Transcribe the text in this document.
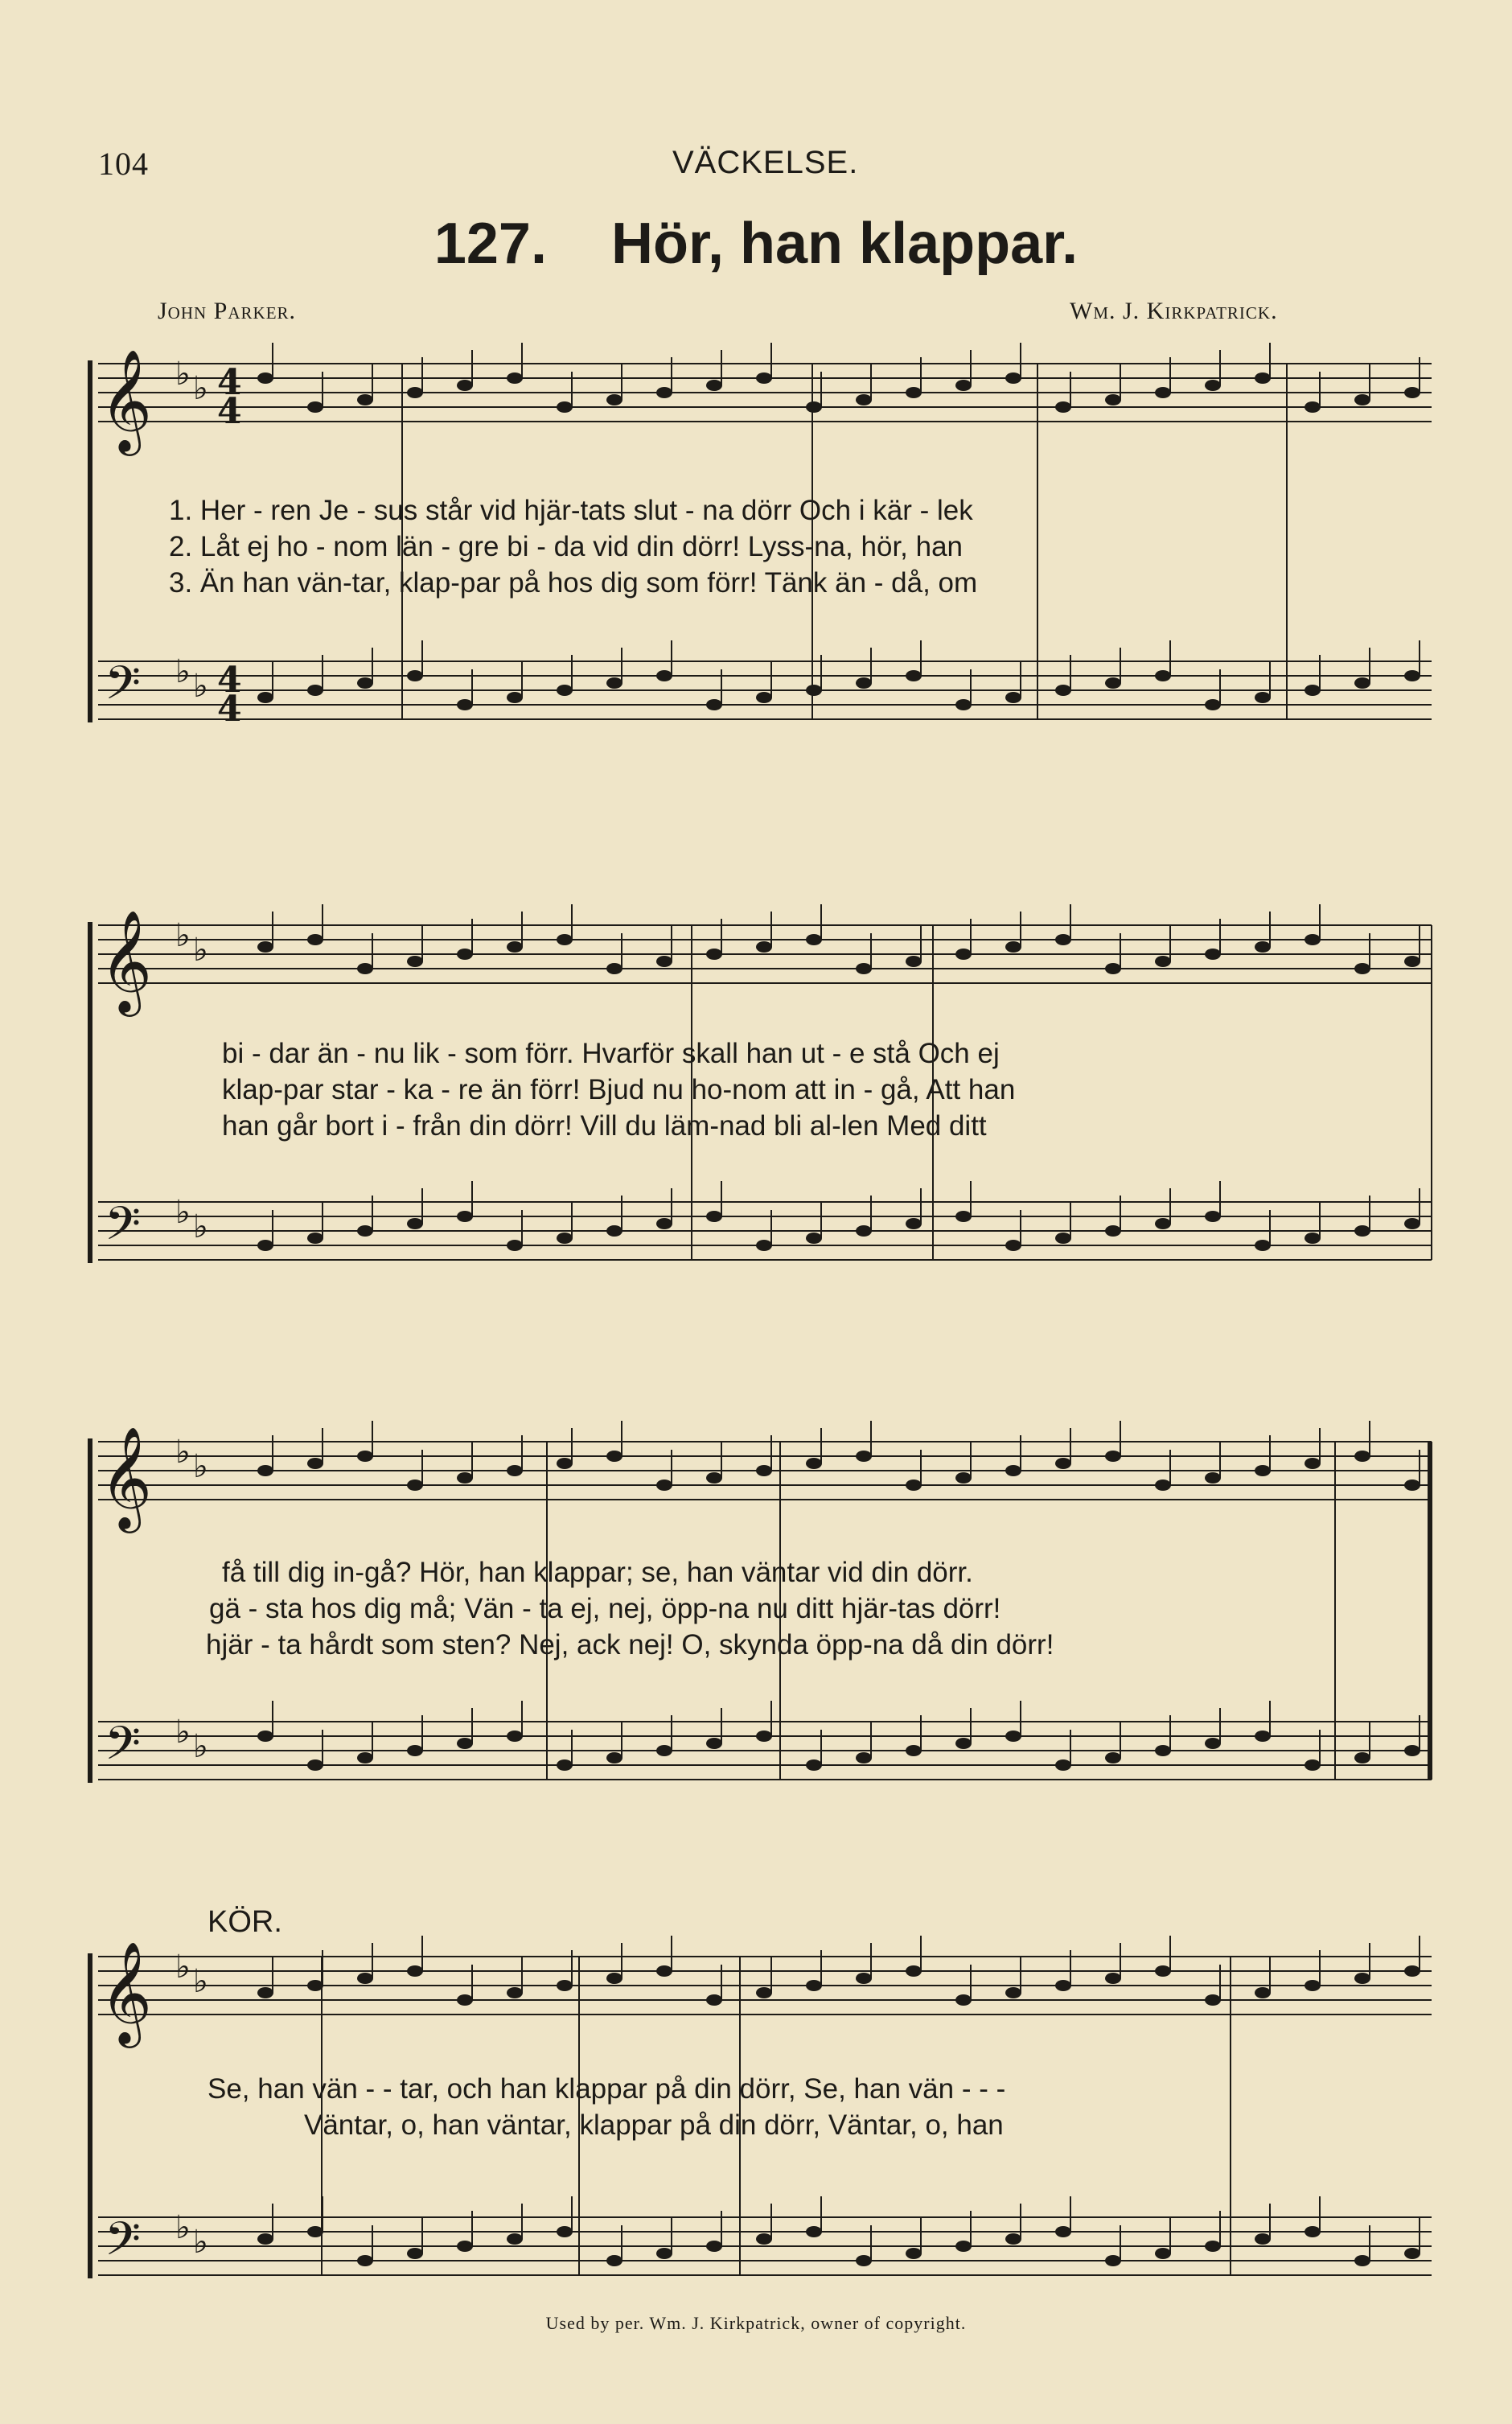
104	VÄCKELSE.
127. Hör, han klappar.
John Parker.	Wm. J. Kirkpatrick.
𝄞
𝄢
𝄞
𝄢
𝄞
𝄢
𝄞
𝄢
♭ ♭
♭ ♭
♭ ♭
♭ ♭
♭ ♭
♭ ♭
♭ ♭
♭ ♭
4
4
4
4
1. Her - ren Je - sus står vid hjär-tats slut - na dörr Och i kär - lek
2. Låt ej ho - nom län - gre bi - da vid din dörr! Lyss-na, hör, han
3. Än han vän-tar, klap-par på hos dig som förr! Tänk än - då, om
bi - dar än - nu lik - som förr. Hvarför skall han ut - e stå Och ej
klap-par star - ka - re än förr! Bjud nu ho-nom att in - gå, Att han
han går bort i - från din dörr! Vill du läm-nad bli al-len Med ditt
få till dig in-gå? Hör, han klappar; se, han väntar vid din dörr.
gä - sta hos dig må; Vän - ta ej, nej, öpp-na nu ditt hjär-tas dörr!
hjär - ta hårdt som sten? Nej, ack nej! O, skynda öpp-na då din dörr!
KÖR.
Se, han vän - - tar, och han klappar på din dörr, Se, han vän - - -
Väntar, o, han väntar, klappar på din dörr, Väntar, o, han
Used by per. Wm. J. Kirkpatrick, owner of copyright.
